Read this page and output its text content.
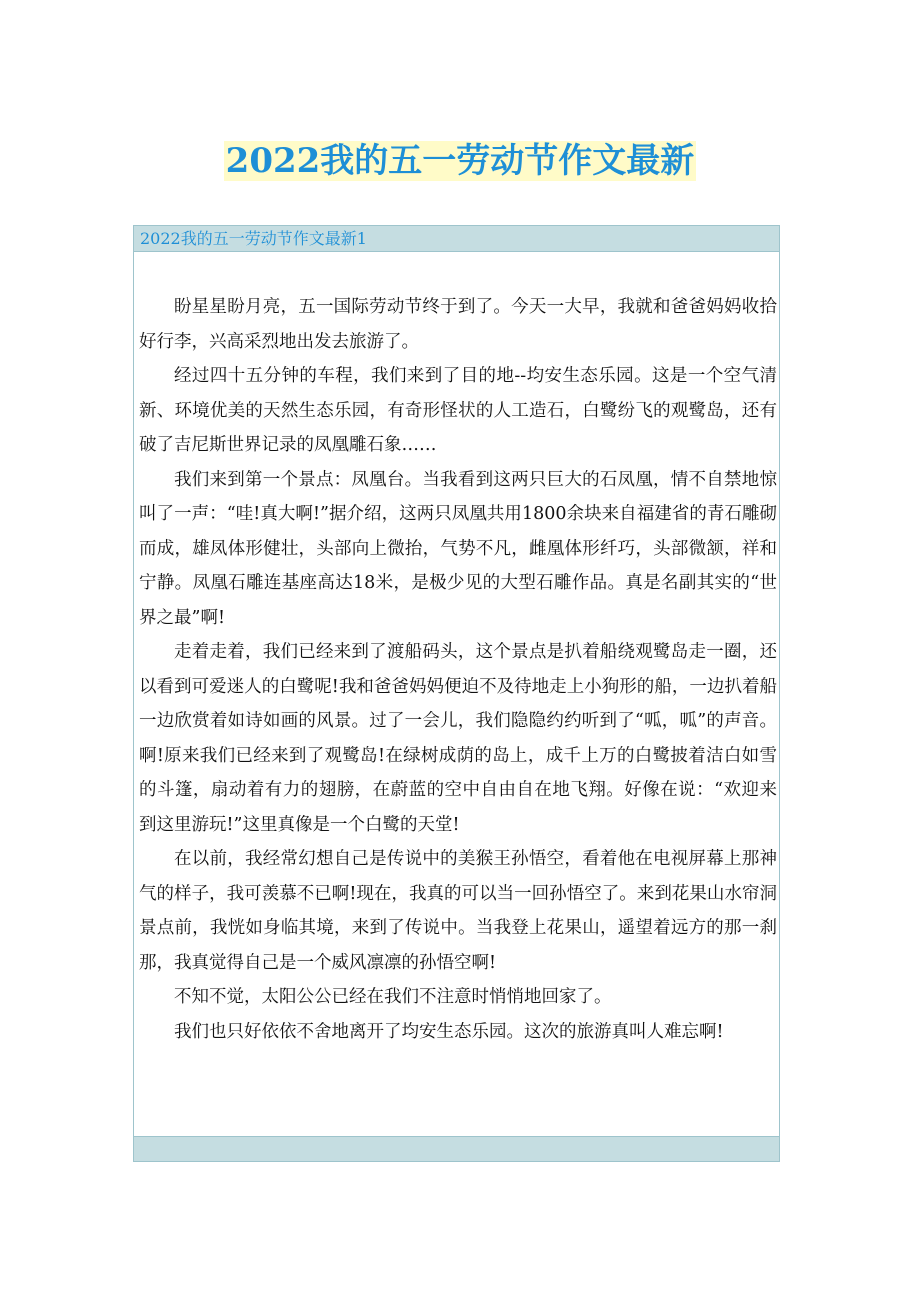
2022我的五一劳动节作文最新
2022我的五一劳动节作文最新1

盼星星盼月亮，五一国际劳动节终于到了。今天一大早，我就和爸爸妈妈收拾好行李，兴高采烈地出发去旅游了。

经过四十五分钟的车程，我们来到了目的地--均安生态乐园。这是一个空气清新、环境优美的天然生态乐园，有奇形怪状的人工造石，白鹭纷飞的观鹭岛，还有破了吉尼斯世界记录的凤凰雕石象……

我们来到第一个景点：凤凰台。当我看到这两只巨大的石凤凰，情不自禁地惊叫了一声：“哇!真大啊!”据介绍，这两只凤凰共用1800余块来自福建省的青石雕砌而成，雄凤体形健壮，头部向上微抬，气势不凡，雌凰体形纤巧，头部微颔，祥和宁静。凤凰石雕连基座高达18米，是极少见的大型石雕作品。真是名副其实的“世界之最”啊!

走着走着，我们已经来到了渡船码头，这个景点是扒着船绕观鹭岛走一圈，还以看到可爱迷人的白鹭呢!我和爸爸妈妈便迫不及待地走上小狗形的船，一边扒着船一边欣赏着如诗如画的风景。过了一会儿，我们隐隐约约听到了“呱，呱”的声音。啊!原来我们已经来到了观鹭岛!在绿树成荫的岛上，成千上万的白鹭披着洁白如雪的斗篷，扇动着有力的翅膀，在蔚蓝的空中自由自在地飞翔。好像在说：“欢迎来到这里游玩!”这里真像是一个白鹭的天堂!

在以前，我经常幻想自己是传说中的美猴王孙悟空，看着他在电视屏幕上那神气的样子，我可羡慕不已啊!现在，我真的可以当一回孙悟空了。来到花果山水帘洞景点前，我恍如身临其境，来到了传说中。当我登上花果山，遥望着远方的那一刹那，我真觉得自己是一个威风凛凛的孙悟空啊!

不知不觉，太阳公公已经在我们不注意时悄悄地回家了。

我们也只好依依不舍地离开了均安生态乐园。这次的旅游真叫人难忘啊!
